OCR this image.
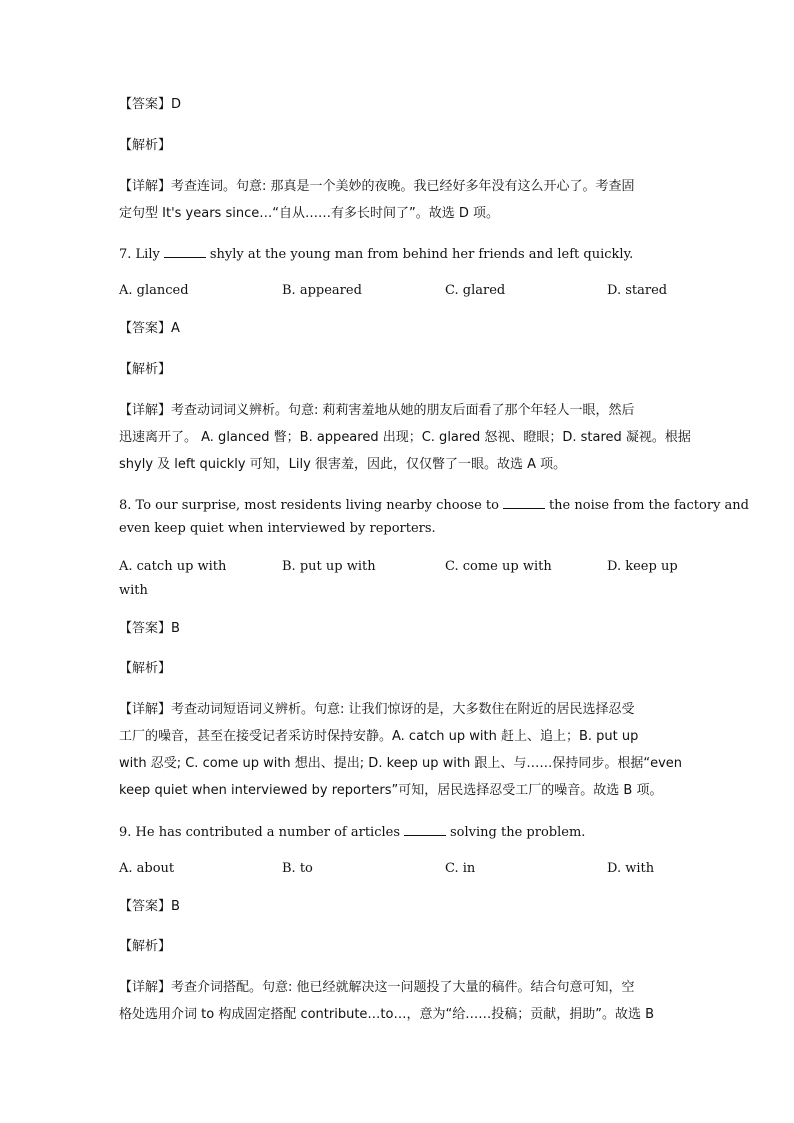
【答案】D
【解析】
【详解】考查连词。句意: 那真是一个美妙的夜晚。我已经好多年没有这么开心了。考查固
定句型 It's years since…“自从……有多长时间了”。故选 D 项。
7. Lily	shyly at the young man from behind her friends and left quickly.
A. glanced	B. appeared	C. glared	D. stared
【答案】A
【解析】
【详解】考查动词词义辨析。句意: 莉莉害羞地从她的朋友后面看了那个年轻人一眼，然后
迅速离开了。 A. glanced 瞥；B. appeared 出现；C. glared 怒视、瞪眼；D. stared 凝视。根据
shyly 及 left quickly 可知，Lily 很害羞，因此，仅仅瞥了一眼。故选 A 项。
8. To our surprise, most residents living nearby choose to	the noise from the factory and
even keep quiet when interviewed by reporters.
A. catch up with	B. put up with	C. come up with	D. keep up
with
【答案】B
【解析】
【详解】考查动词短语词义辨析。句意: 让我们惊讶的是，大多数住在附近的居民选择忍受
工厂的噪音，甚至在接受记者采访时保持安静。A. catch up with 赶上、追上；B. put up
with 忍受; C. come up with 想出、提出; D. keep up with 跟上、与……保持同步。根据“even
keep quiet when interviewed by reporters”可知，居民选择忍受工厂的噪音。故选 B 项。
9. He has contributed a number of articles	solving the problem.
A. about	B. to	C. in	D. with
【答案】B
【解析】
【详解】考查介词搭配。句意: 他已经就解决这一问题投了大量的稿件。结合句意可知，空
格处选用介词 to 构成固定搭配 contribute…to…，意为“给……投稿；贡献，捐助”。故选 B
